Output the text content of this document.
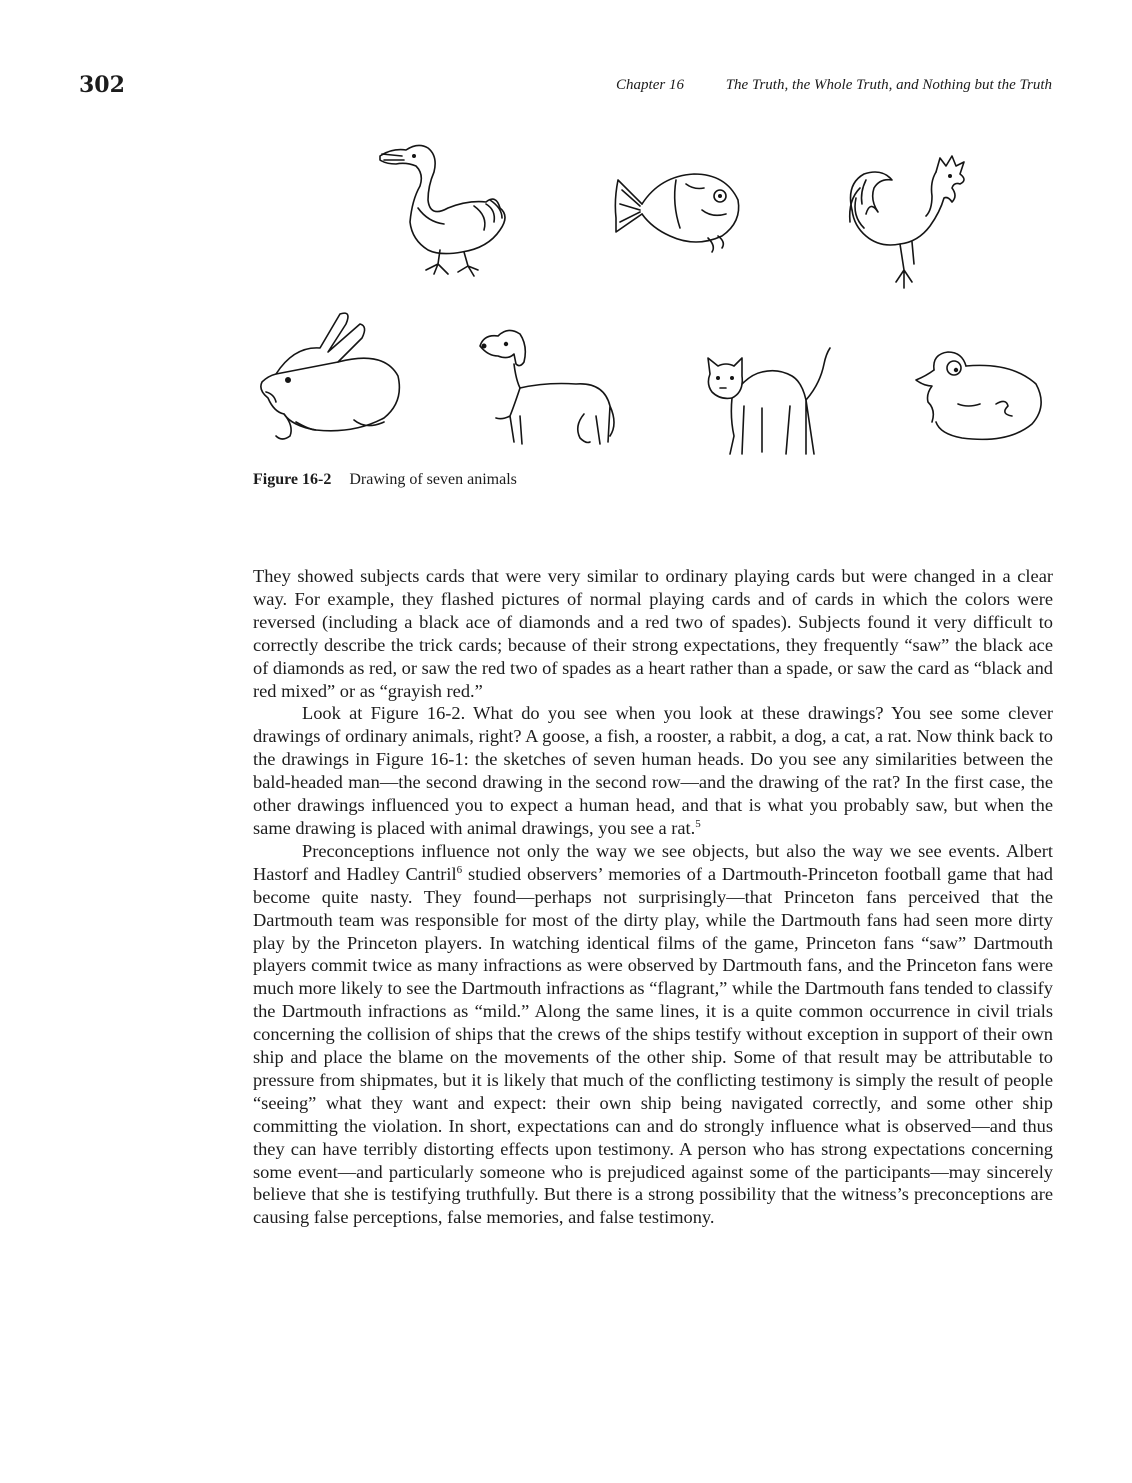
302	Chapter 16	The Truth, the Whole Truth, and Nothing but the Truth
Figure 16-2 Drawing of seven animals

They showed subjects cards that were very similar to ordinary playing cards but were changed in a clear way. For example, they flashed pictures of normal playing cards and of cards in which the colors were reversed (including a black ace of diamonds and a red two of spades). Subjects found it very difficult to correctly describe the trick cards; because of their strong expectations, they frequently “saw” the black ace of diamonds as red, or saw the red two of spades as a heart rather than a spade, or saw the card as “black and red mixed” or as “grayish red.”

Look at Figure 16-2. What do you see when you look at these drawings? You see some clever drawings of ordinary animals, right? A goose, a fish, a rooster, a rabbit, a dog, a cat, a rat. Now think back to the drawings in Figure 16-1: the sketches of seven human heads. Do you see any similarities between the bald-headed man—the second drawing in the second row—and the drawing of the rat? In the first case, the other drawings influenced you to expect a human head, and that is what you probably saw, but when the same drawing is placed with animal drawings, you see a rat.$^5$

Preconceptions influence not only the way we see objects, but also the way we see events. Albert Hastorf and Hadley Cantril$^6$ studied observers’ memories of a Dartmouth-Princeton football game that had become quite nasty. They found—perhaps not surprisingly—that Princeton fans perceived that the Dartmouth team was responsible for most of the dirty play, while the Dartmouth fans had seen more dirty play by the Princeton players. In watching identical films of the game, Princeton fans “saw” Dartmouth players commit twice as many infractions as were observed by Dartmouth fans, and the Princeton fans were much more likely to see the Dartmouth infractions as “flagrant,” while the Dartmouth fans tended to classify the Dartmouth infractions as “mild.” Along the same lines, it is a quite common occurrence in civil trials concerning the collision of ships that the crews of the ships testify without exception in support of their own ship and place the blame on the movements of the other ship. Some of that result may be attributable to pressure from shipmates, but it is likely that much of the conflicting testimony is simply the result of people “seeing” what they want and expect: their own ship being navigated correctly, and some other ship committing the violation. In short, expectations can and do strongly influence what is observed—and thus they can have terribly distorting effects upon testimony. A person who has strong expectations concerning some event—and particularly someone who is prejudiced against some of the participants—may sincerely believe that she is testifying truthfully. But there is a strong possibility that the witness’s preconceptions are causing false perceptions, false memories, and false testimony.
